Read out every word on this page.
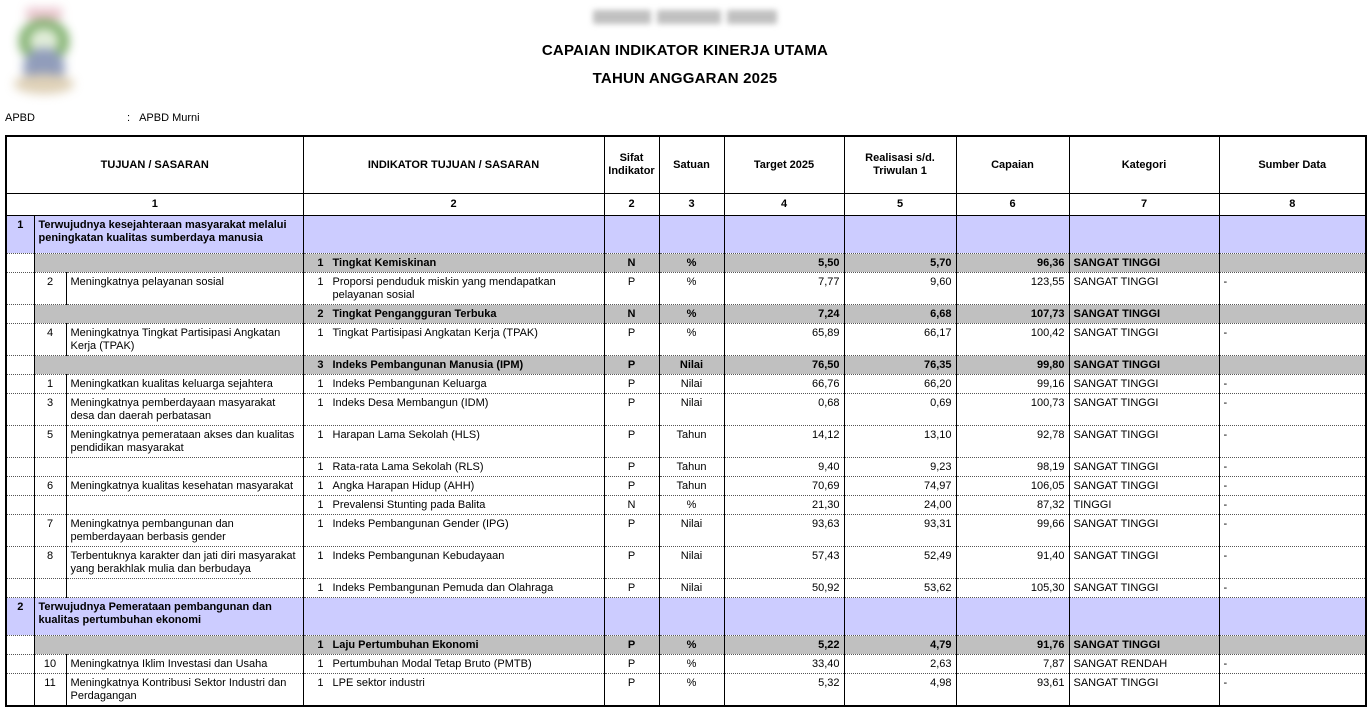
CAPAIAN INDIKATOR KINERJA UTAMA
TAHUN ANGGARAN 2025
APBD	: APBD Murni
TUJUAN / SASARAN			INDIKATOR TUJUAN / SASARAN	Sifat Indikator	Satuan	Target 2025	Realisasi s/d. Triwulan 1	Capaian	Kategori	Sumber Data
1			2	2	3	4	5	6	7	8
1	Terwujudnya kesejahteraan masyarakat melalui peningkatan kualitas sumberdaya manusia									
			1 Tingkat Kemiskinan	N	%	5,50	5,70	96,36	SANGAT TINGGI	
	2	Meningkatnya pelayanan sosial	1 Proporsi penduduk miskin yang mendapatkan pelayanan sosial	P	%	7,77	9,60	123,55	SANGAT TINGGI	-
			2 Tingkat Pengangguran Terbuka	N	%	7,24	6,68	107,73	SANGAT TINGGI	
	4	Meningkatnya Tingkat Partisipasi Angkatan Kerja (TPAK)	1 Tingkat Partisipasi Angkatan Kerja (TPAK)	P	%	65,89	66,17	100,42	SANGAT TINGGI	-
			3 Indeks Pembangunan Manusia (IPM)	P	Nilai	76,50	76,35	99,80	SANGAT TINGGI	
	1	Meningkatkan kualitas keluarga sejahtera	1 Indeks Pembangunan Keluarga	P	Nilai	66,76	66,20	99,16	SANGAT TINGGI	-
	3	Meningkatnya pemberdayaan masyarakat desa dan daerah perbatasan	1 Indeks Desa Membangun (IDM)	P	Nilai	0,68	0,69	100,73	SANGAT TINGGI	-
	5	Meningkatnya pemerataan akses dan kualitas pendidikan masyarakat	1 Harapan Lama Sekolah (HLS)	P	Tahun	14,12	13,10	92,78	SANGAT TINGGI	-
			1 Rata-rata Lama Sekolah (RLS)	P	Tahun	9,40	9,23	98,19	SANGAT TINGGI	-
	6	Meningkatnya kualitas kesehatan masyarakat	1 Angka Harapan Hidup (AHH)	P	Tahun	70,69	74,97	106,05	SANGAT TINGGI	-
			1 Prevalensi Stunting pada Balita	N	%	21,30	24,00	87,32	TINGGI	-
	7	Meningkatnya pembangunan dan pemberdayaan berbasis gender	1 Indeks Pembangunan Gender (IPG)	P	Nilai	93,63	93,31	99,66	SANGAT TINGGI	-
	8	Terbentuknya karakter dan jati diri masyarakat yang berakhlak mulia dan berbudaya	1 Indeks Pembangunan Kebudayaan	P	Nilai	57,43	52,49	91,40	SANGAT TINGGI	-
			1 Indeks Pembangunan Pemuda dan Olahraga	P	Nilai	50,92	53,62	105,30	SANGAT TINGGI	-
2	Terwujudnya Pemerataan pembangunan dan kualitas pertumbuhan ekonomi									
			1 Laju Pertumbuhan Ekonomi	P	%	5,22	4,79	91,76	SANGAT TINGGI	
	10	Meningkatnya Iklim Investasi dan Usaha	1 Pertumbuhan Modal Tetap Bruto (PMTB)	P	%	33,40	2,63	7,87	SANGAT RENDAH	-
	11	Meningkatnya Kontribusi Sektor Industri dan Perdagangan	1 LPE sektor industri	P	%	5,32	4,98	93,61	SANGAT TINGGI	-
